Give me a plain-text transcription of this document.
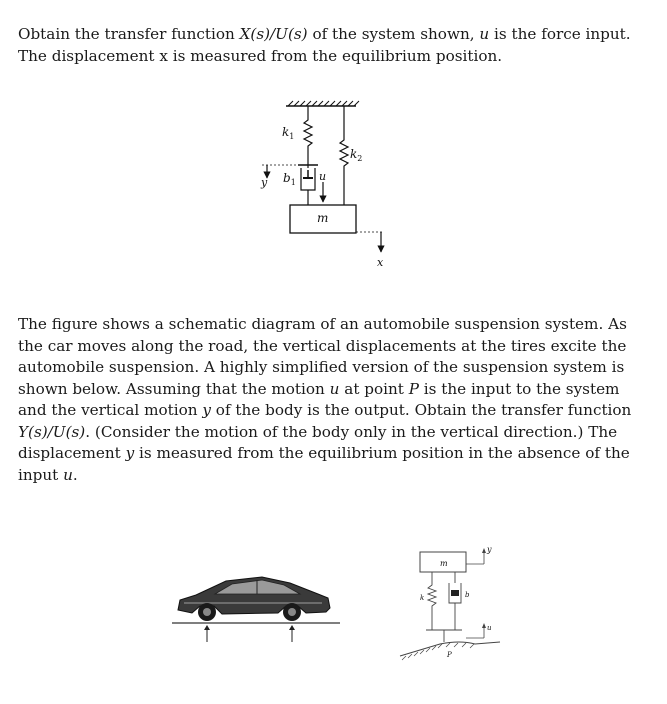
Obtain the transfer function X(s)/U(s) of the system shown, u is the force input.
The displacement x is measured from the equilibrium position.

$k_1$
$k_2$
$b_1$
y	u
m
x

The figure shows a schematic diagram of an automobile suspension system. As
the car moves along the road, the vertical displacements at the tires excite the
automobile suspension. A highly simplified version of the suspension system is
shown below. Assuming that the motion u at point P is the input to the system
and the vertical motion y of the body is the output. Obtain the transfer function
Y(s)/U(s). (Consider the motion of the body only in the vertical direction.) The
displacement y is measured from the equilibrium position in the absence of the
input u.

m
y
k	b
u
P
